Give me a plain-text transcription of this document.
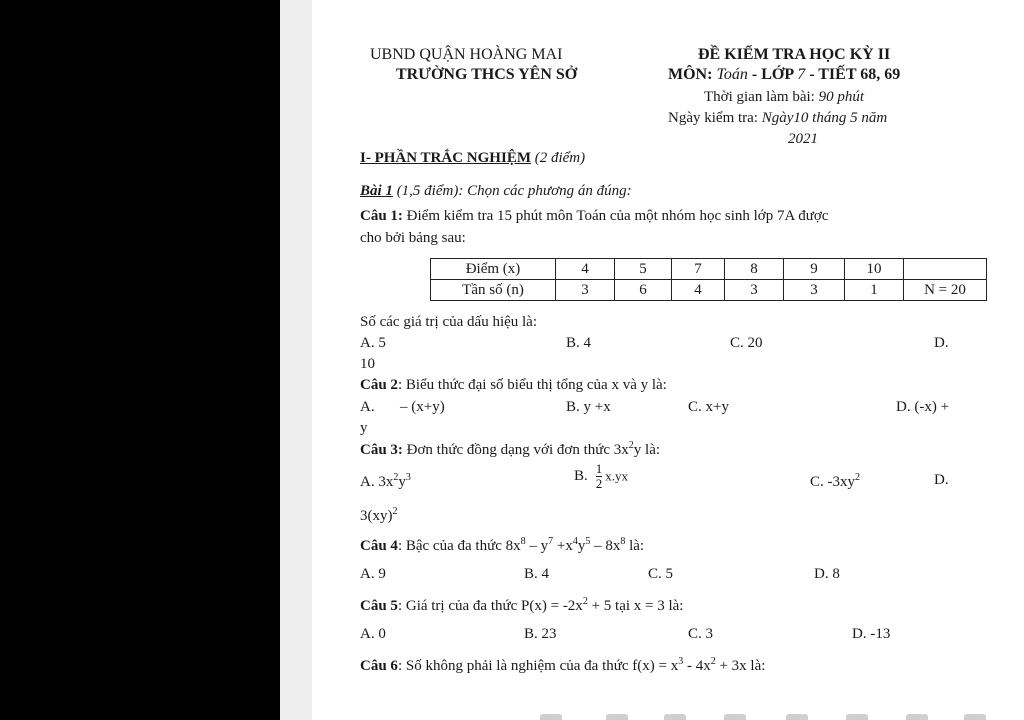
UBND QUẬN HOÀNG MAI
TRƯỜNG THCS YÊN SỞ
ĐỀ KIỂM TRA HỌC KỲ II
MÔN: Toán - LỚP 7 - TIẾT 68, 69
Thời gian làm bài: 90 phút
Ngày kiểm tra: Ngày10 tháng 5 năm
2021
I- PHẦN TRẮC NGHIỆM (2 điểm)
Bài 1 (1,5 điểm): Chọn các phương án đúng:
Câu 1: Điểm kiểm tra 15 phút môn Toán của một nhóm học sinh lớp 7A được
cho bởi bảng sau:
Điểm (x)	4	5	7	8	9	10	
Tần số (n)	3	6	4	3	3	1	N = 20
Số các giá trị của dấu hiệu là:
A. 5	B. 4	C. 20	D.
10
Câu 2: Biểu thức đại số biểu thị tổng của x và y là:
A. – (x+y)	B. y +x	C. x+y	D. (-x) +
y
Câu 3: Đơn thức đồng dạng với đơn thức $3x^2y$ là:
A. $3x^2y^3$	B. $\frac{1}{2} x.yx$	C. $-3xy^2$	D.
3(xy)$^2$
Câu 4: Bậc của đa thức $8x^8 - y^7 +x^4y^5 - 8x^8$ là:
A. 9	B. 4	C. 5	D. 8
Câu 5: Giá trị của đa thức $P(x) = -2x^2 + 5$ tại x = 3 là:
A. 0	B. 23	C. 3	D. -13
Câu 6: Số không phải là nghiệm của đa thức $f(x) = x^3 - 4x^2 + 3x$ là:
